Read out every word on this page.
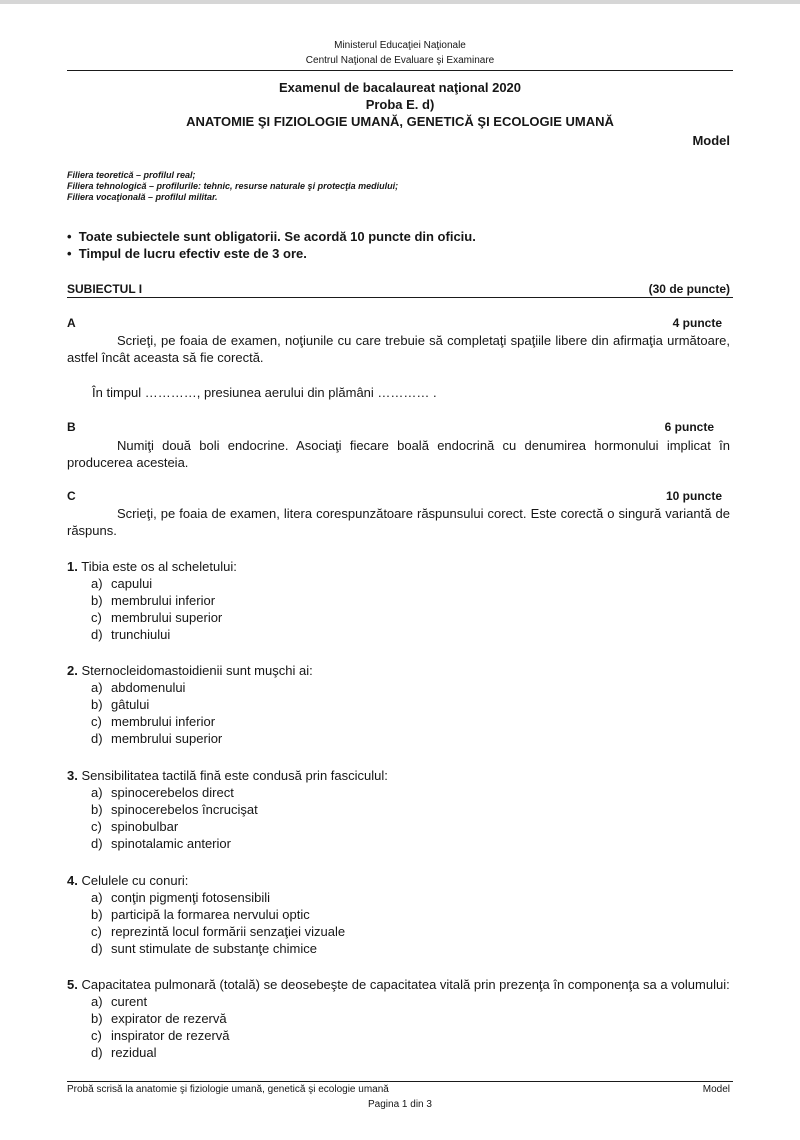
Ministerul Educaţiei Naţionale
Centrul Naţional de Evaluare şi Examinare
Examenul de bacalaureat naţional 2020
Proba E. d)
ANATOMIE ŞI FIZIOLOGIE UMANĂ, GENETICĂ ŞI ECOLOGIE UMANĂ
Model
Filiera teoretică – profilul real;
Filiera tehnologică – profilurile: tehnic, resurse naturale şi protecţia mediului;
Filiera vocaţională – profilul militar.
•  Toate subiectele sunt obligatorii. Se acordă 10 puncte din oficiu.
•  Timpul de lucru efectiv este de 3 ore.
SUBIECTUL I	(30 de puncte)
A	4 puncte
Scrieţi, pe foaia de examen, noţiunile cu care trebuie să completaţi spaţiile libere din afirmaţia următoare, astfel încât aceasta să fie corectă.
În timpul …………, presiunea aerului din plămâni ………… .
B	6 puncte
Numiţi două boli endocrine. Asociaţi fiecare boală endocrină cu denumirea hormonului implicat în producerea acesteia.
C	10 puncte
Scrieţi, pe foaia de examen, litera corespunzătoare răspunsului corect. Este corectă o singură variantă de răspuns.
1. Tibia este os al scheletului:
a) capului
b) membrului inferior
c) membrului superior
d) trunchiului
2. Sternocleidomastoidienii sunt muşchi ai:
a) abdomenului
b) gâtului
c) membrului inferior
d) membrului superior
3. Sensibilitatea tactilă fină este condusă prin fasciculul:
a) spinocerebelos direct
b) spinocerebelos încrucişat
c) spinobulbar
d) spinotalamic anterior
4. Celulele cu conuri:
a) conţin pigmenţi fotosensibili
b) participă la formarea nervului optic
c) reprezintă locul formării senzaţiei vizuale
d) sunt stimulate de substanţe chimice
5. Capacitatea pulmonară (totală) se deosebeşte de capacitatea vitală prin prezenţa în componenţa sa a volumului:
a) curent
b) expirator de rezervă
c) inspirator de rezervă
d) rezidual
Probă scrisă la anatomie şi fiziologie umană, genetică şi ecologie umană	Model
Pagina 1 din 3
